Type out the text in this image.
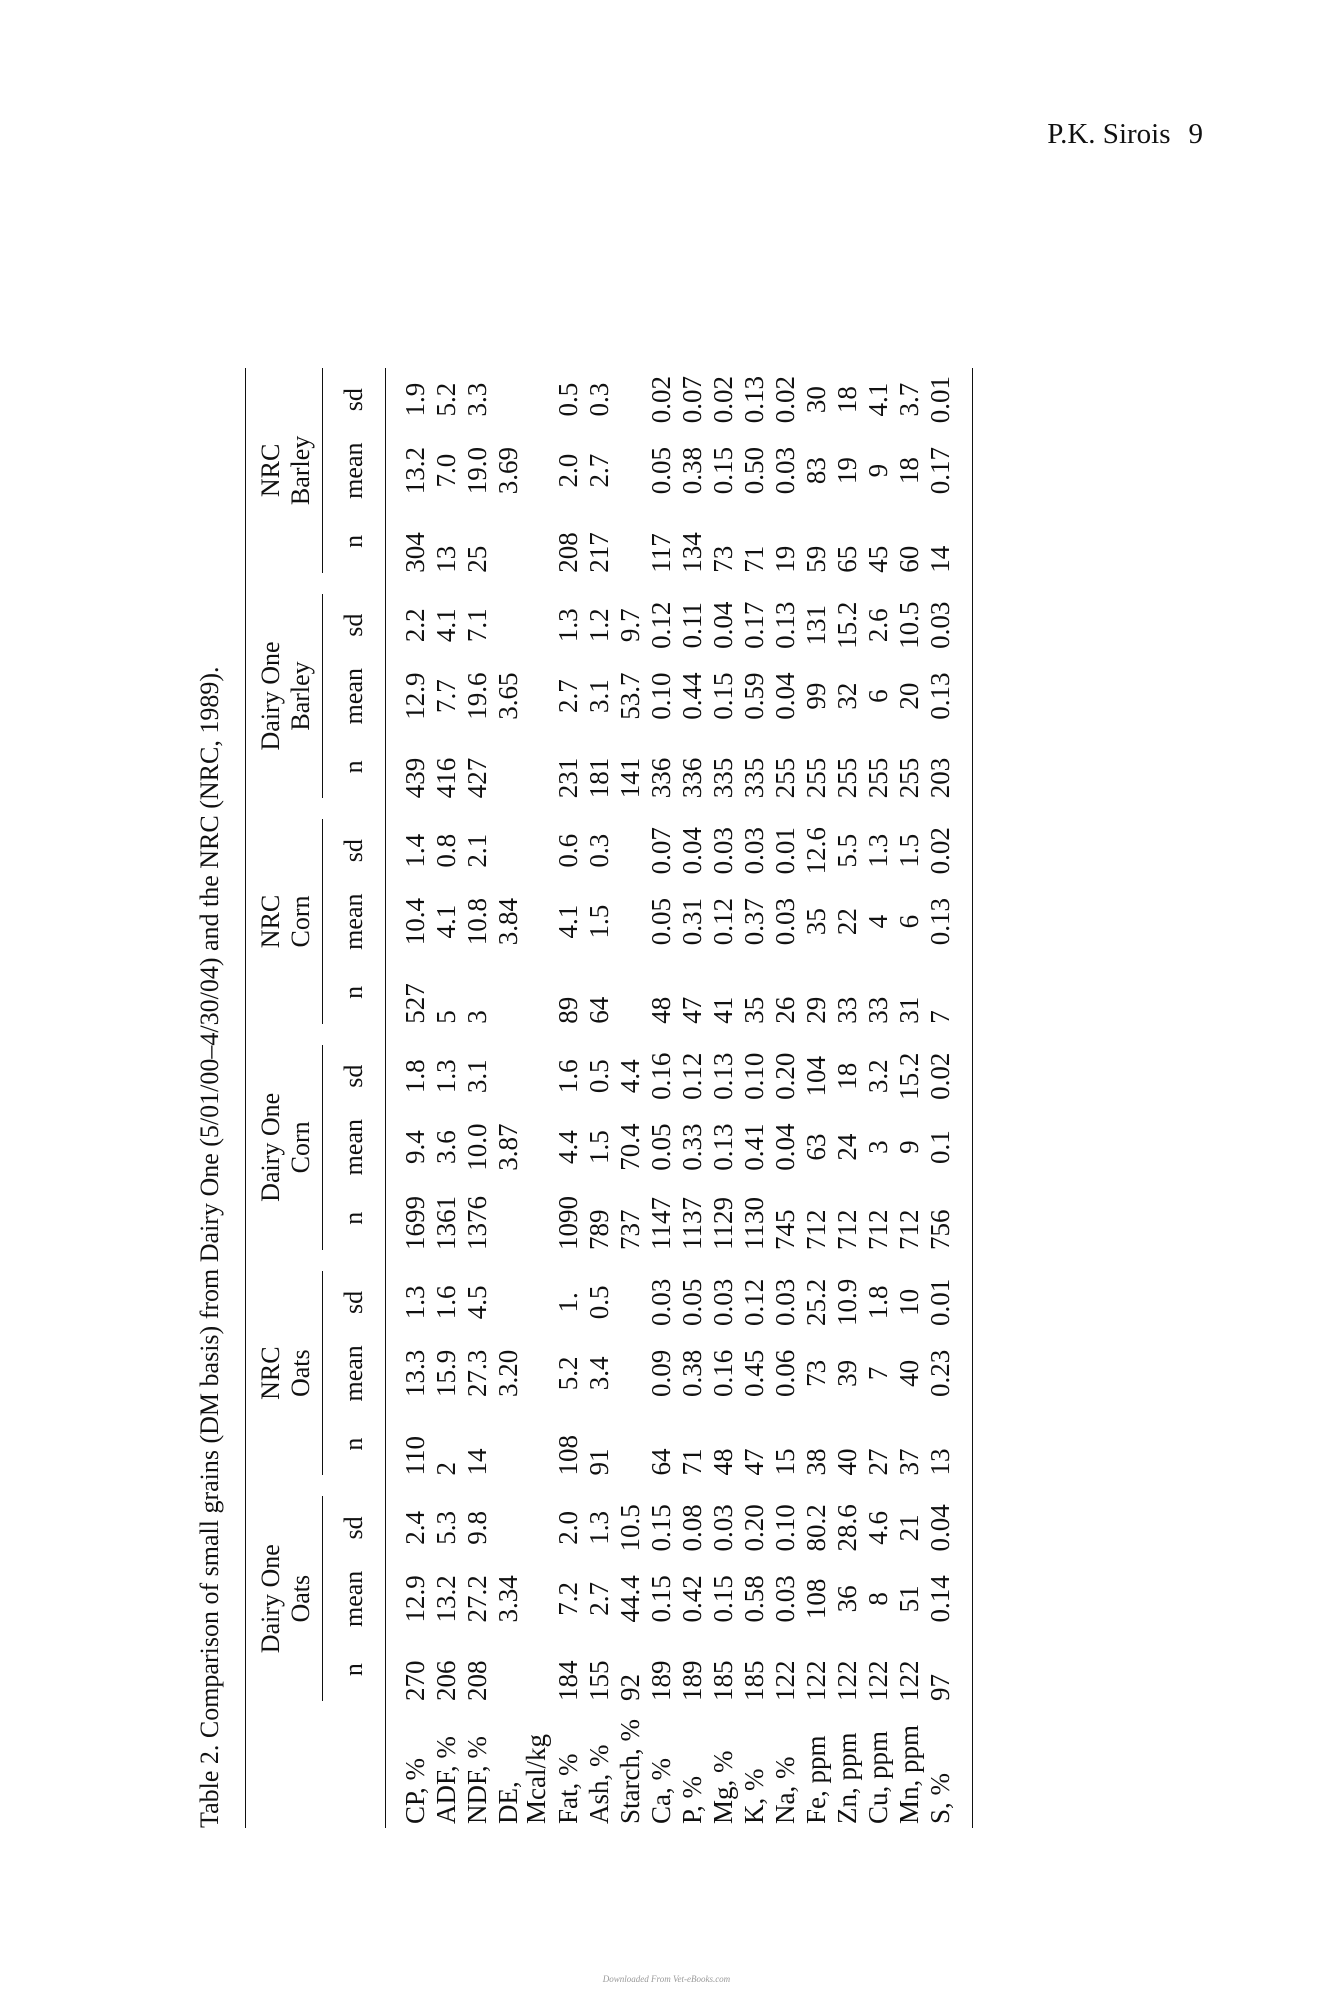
P.K. Sirois 9
Table 2. Comparison of small grains (DM basis) from Dairy One (5/01/00–4/30/04) and the NRC (NRC, 1989).

	Dairy One Oats				NRC Oats				Dairy One Corn				NRC Corn				Dairy One Barley				NRC Barley		

	n	mean	sd		n	mean	sd		n	mean	sd		n	mean	sd		n	mean	sd		n	mean	sd
CP, %	270	12.9	2.4		110	13.3	1.3		1699	9.4	1.8		527	10.4	1.4		439	12.9	2.2		304	13.2	1.9
ADF, %	206	13.2	5.3		2	15.9	1.6		1361	3.6	1.3		5	4.1	0.8		416	7.7	4.1		13	7.0	5.2
NDF, %	208	27.2	9.8		14	27.3	4.5		1376	10.0	3.1		3	10.8	2.1		427	19.6	7.1		25	19.0	3.3
DE,		3.34				3.20				3.87				3.84				3.65				3.69	
Mcal/kg																							
Fat, %	184	7.2	2.0		108	5.2	1.		1090	4.4	1.6		89	4.1	0.6		231	2.7	1.3		208	2.0	0.5
Ash, %	155	2.7	1.3		91	3.4	0.5		789	1.5	0.5		64	1.5	0.3		181	3.1	1.2		217	2.7	0.3
Starch, %	92	44.4	10.5						737	70.4	4.4						141	53.7	9.7				
Ca, %	189	0.15	0.15		64	0.09	0.03		1147	0.05	0.16		48	0.05	0.07		336	0.10	0.12		117	0.05	0.02
P, %	189	0.42	0.08		71	0.38	0.05		1137	0.33	0.12		47	0.31	0.04		336	0.44	0.11		134	0.38	0.07
Mg, %	185	0.15	0.03		48	0.16	0.03		1129	0.13	0.13		41	0.12	0.03		335	0.15	0.04		73	0.15	0.02
K, %	185	0.58	0.20		47	0.45	0.12		1130	0.41	0.10		35	0.37	0.03		335	0.59	0.17		71	0.50	0.13
Na, %	122	0.03	0.10		15	0.06	0.03		745	0.04	0.20		26	0.03	0.01		255	0.04	0.13		19	0.03	0.02
Fe, ppm	122	108	80.2		38	73	25.2		712	63	104		29	35	12.6		255	99	131		59	83	30
Zn, ppm	122	36	28.6		40	39	10.9		712	24	18		33	22	5.5		255	32	15.2		65	19	18
Cu, ppm	122	8	4.6		27	7	1.8		712	3	3.2		33	4	1.3		255	6	2.6		45	9	4.1
Mn, ppm	122	51	21		37	40	10		712	9	15.2		31	6	1.5		255	20	10.5		60	18	3.7
S, %	97	0.14	0.04		13	0.23	0.01		756	0.1	0.02		7	0.13	0.02		203	0.13	0.03		14	0.17	0.01
Downloaded From Vet-eBooks.com
